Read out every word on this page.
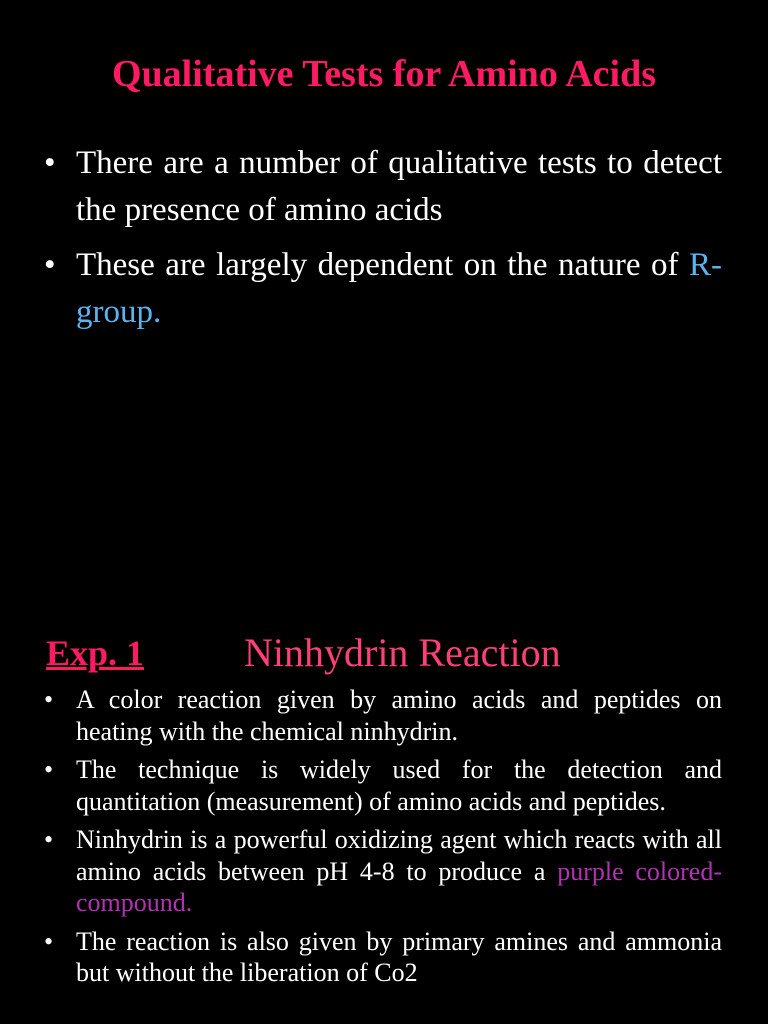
Qualitative Tests for Amino Acids
• There are a number of qualitative tests to detect the presence of amino acids
• These are largely dependent on the nature of R-group.
Exp. 1 Ninhydrin Reaction
• A color reaction given by amino acids and peptides on heating with the chemical ninhydrin.
• The technique is widely used for the detection and quantitation (measurement) of amino acids and peptides.
• Ninhydrin is a powerful oxidizing agent which reacts with all amino acids between pH 4-8 to produce a purple colored-compound.
• The reaction is also given by primary amines and ammonia but without the liberation of Co2
